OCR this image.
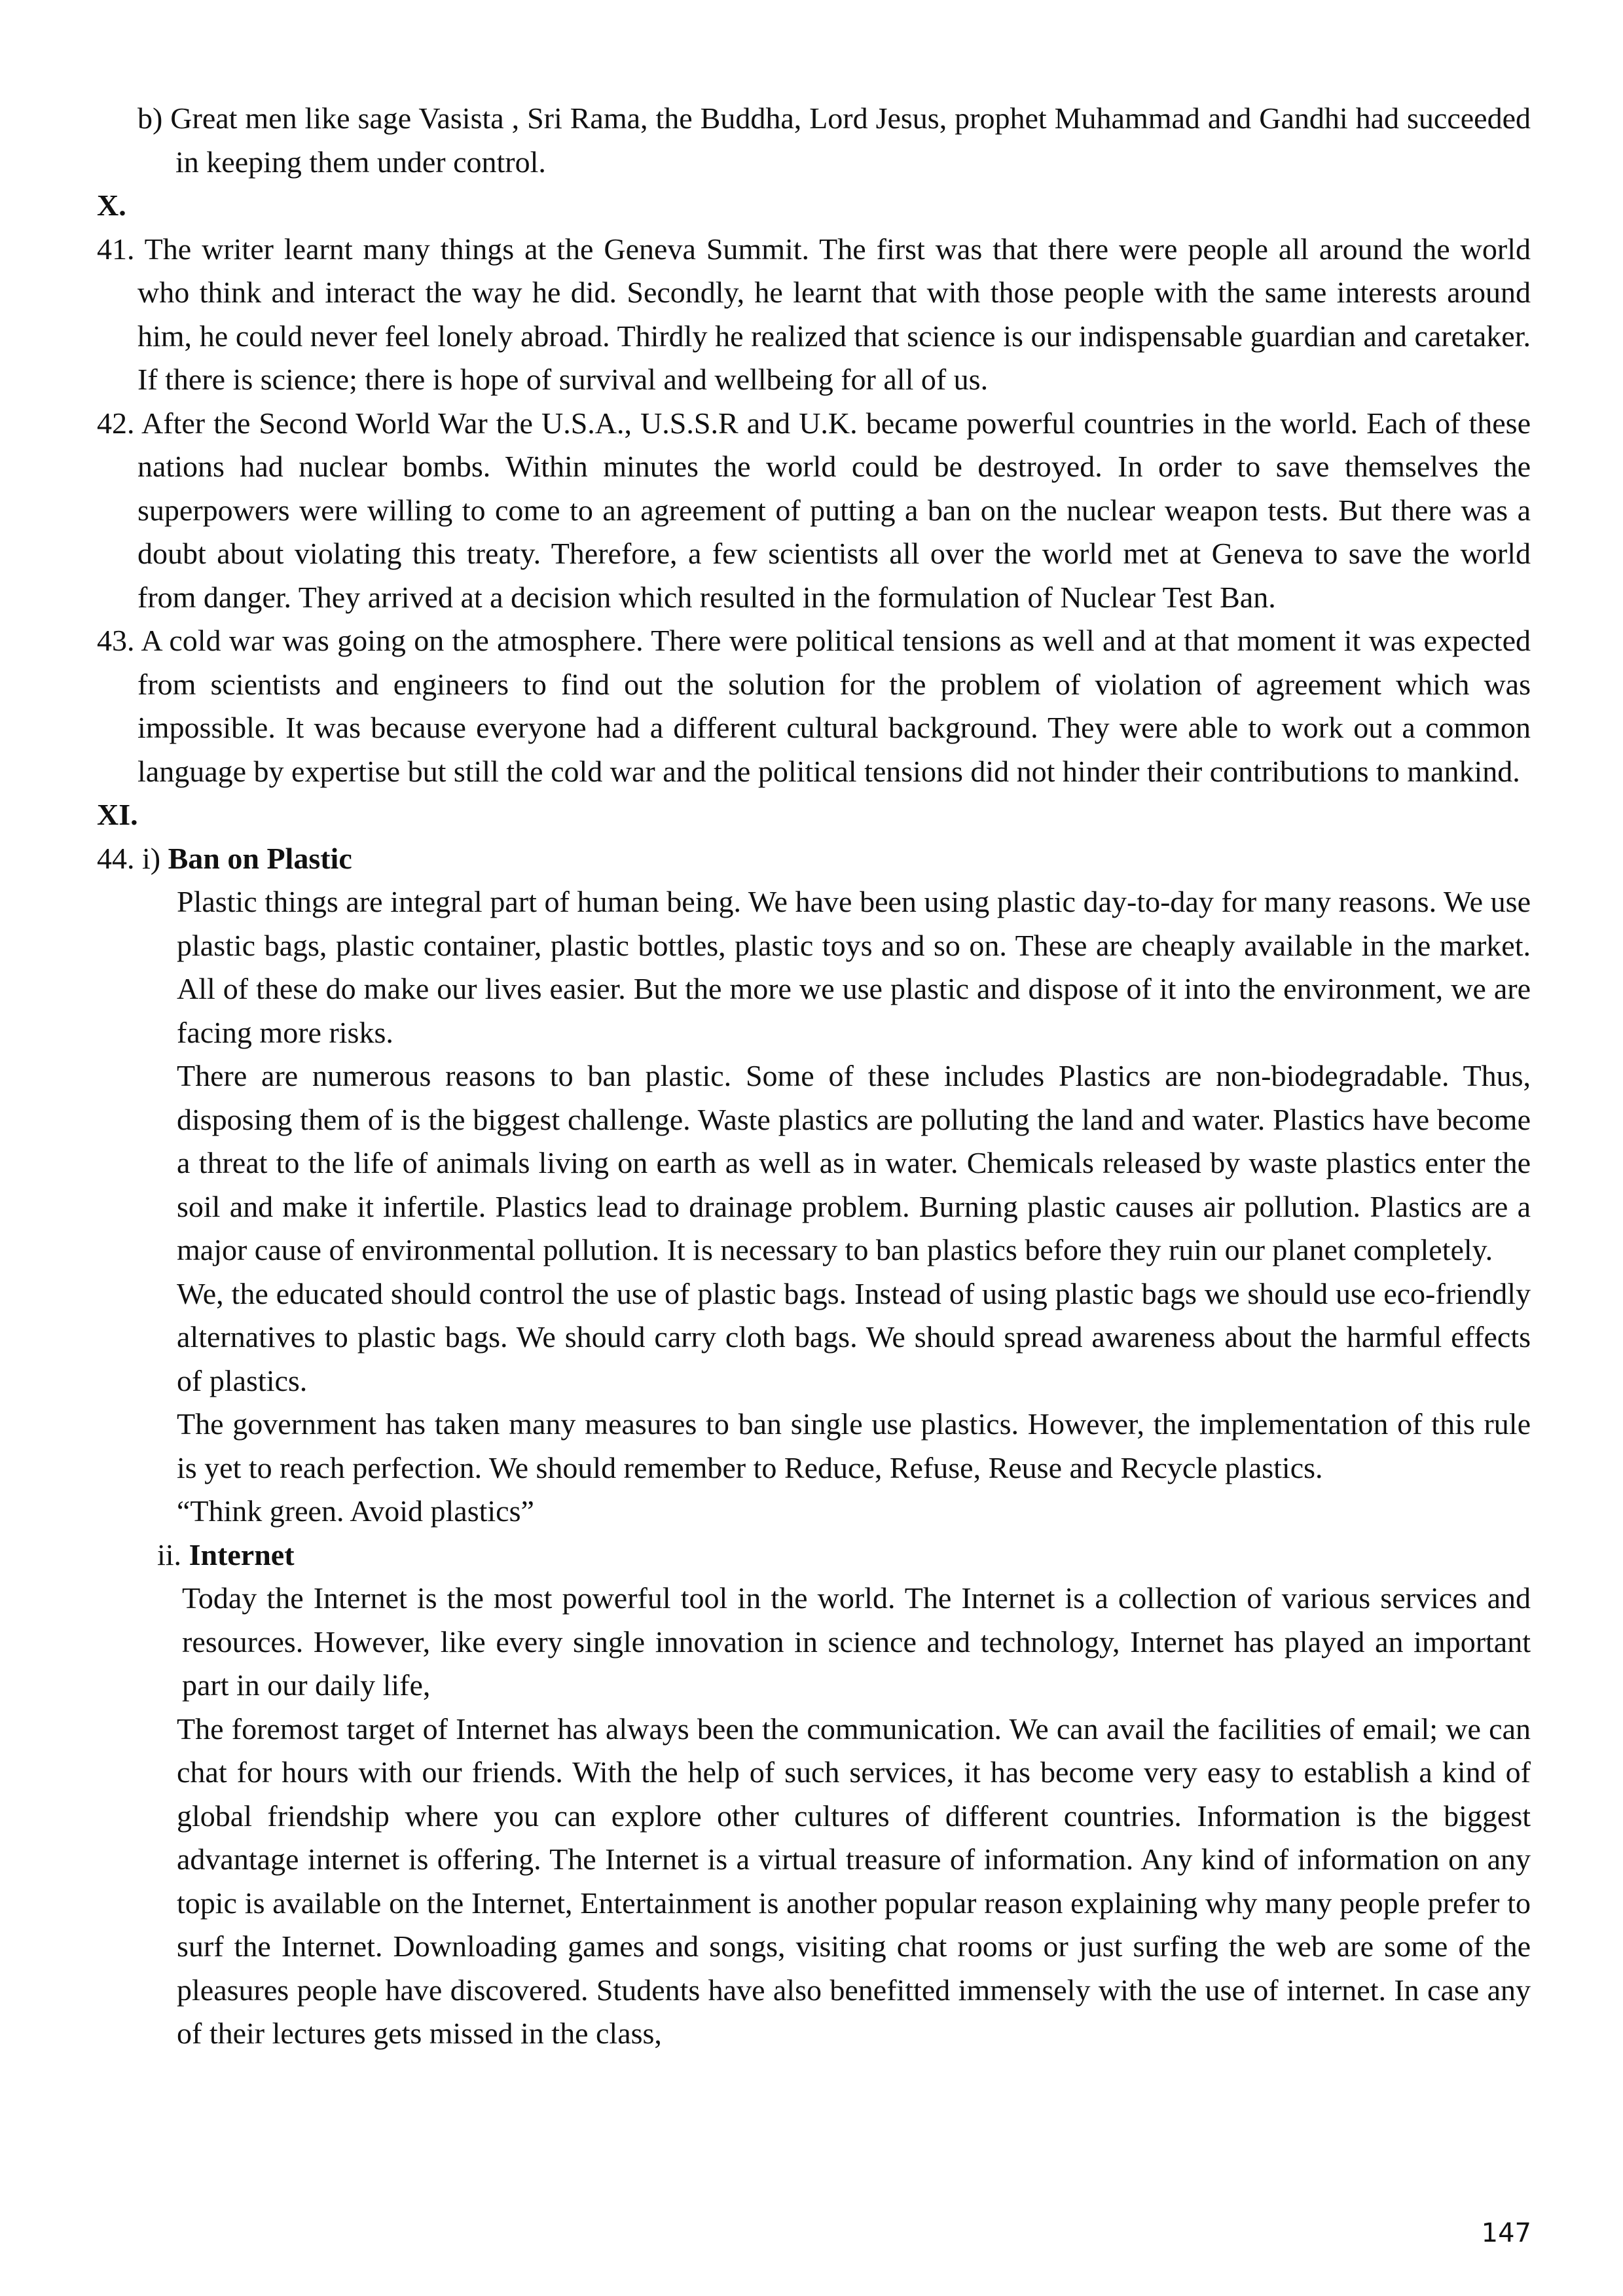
b) Great men like sage Vasista , Sri Rama, the Buddha, Lord Jesus, prophet Muhammad and Gandhi had succeeded in keeping them under control.

X.

41. The writer learnt many things at the Geneva Summit. The first was that there were people all around the world who think and interact the way he did. Secondly, he learnt that with those people with the same interests around him, he could never feel lonely abroad. Thirdly he realized that science is our indispensable guardian and caretaker. If there is science; there is hope of survival and wellbeing for all of us.

42. After the Second World War the U.S.A., U.S.S.R and U.K. became powerful countries in the world. Each of these nations had nuclear bombs. Within minutes the world could be destroyed. In order to save themselves the superpowers were willing to come to an agreement of putting a ban on the nuclear weapon tests. But there was a doubt about violating this treaty. Therefore, a few scientists all over the world met at Geneva to save the world from danger. They arrived at a decision which resulted in the formulation of Nuclear Test Ban.

43. A cold war was going on the atmosphere. There were political tensions as well and at that moment it was expected from scientists and engineers to find out the solution for the problem of violation of agreement which was impossible. It was because everyone had a different cultural background. They were able to work out a common language by expertise but still the cold war and the political tensions did not hinder their contributions to mankind.

XI.

44. i) Ban on Plastic

Plastic things are integral part of human being. We have been using plastic day-to-day for many reasons. We use plastic bags, plastic container, plastic bottles, plastic toys and so on. These are cheaply available in the market. All of these do make our lives easier. But the more we use plastic and dispose of it into the environment, we are facing more risks.

There are numerous reasons to ban plastic. Some of these includes Plastics are non-biodegradable. Thus, disposing them of is the biggest challenge. Waste plastics are polluting the land and water. Plastics have become a threat to the life of animals living on earth as well as in water. Chemicals released by waste plastics enter the soil and make it infertile. Plastics lead to drainage problem. Burning plastic causes air pollution. Plastics are a major cause of environmental pollution. It is necessary to ban plastics before they ruin our planet completely.

We, the educated should control the use of plastic bags. Instead of using plastic bags we should use eco-friendly alternatives to plastic bags. We should carry cloth bags. We should spread awareness about the harmful effects of plastics.

The government has taken many measures to ban single use plastics. However, the implementation of this rule is yet to reach perfection. We should remember to Reduce, Refuse, Reuse and Recycle plastics.

“Think green. Avoid plastics”

ii. Internet

Today the Internet is the most powerful tool in the world. The Internet is a collection of various services and resources. However, like every single innovation in science and technology, Internet has played an important part in our daily life,

The foremost target of Internet has always been the communication. We can avail the facilities of email; we can chat for hours with our friends. With the help of such services, it has become very easy to establish a kind of global friendship where you can explore other cultures of different countries. Information is the biggest advantage internet is offering. The Internet is a virtual treasure of information. Any kind of information on any topic is available on the Internet, Entertainment is another popular reason explaining why many people prefer to surf the Internet. Downloading games and songs, visiting chat rooms or just surfing the web are some of the pleasures people have discovered. Students have also benefitted immensely with the use of internet. In case any of their lectures gets missed in the class,

147
